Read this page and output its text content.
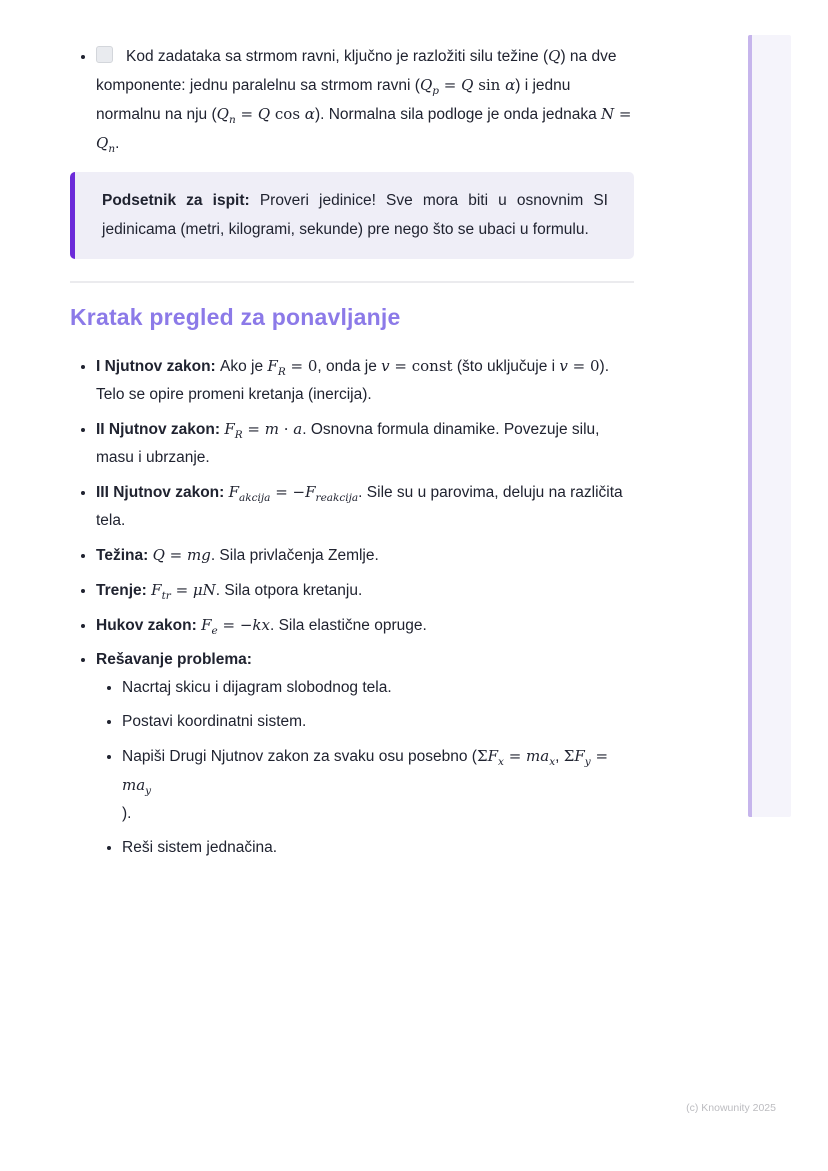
• Kod zadataka sa strmom ravni, ključno je razložiti silu težine (Q) na dve komponente: jednu paralelnu sa strmom ravni ($Q_p = Q$ sin α) i jednu normalnu na nju ($Q_n = Q$ cos α). Normalna sila podloge je onda jednaka $N = Q_n$.

Podsetnik za ispit: Proveri jedinice! Sve mora biti u osnovnim SI jedinicama (metri, kilogrami, sekunde) pre nego što se ubaci u formulu.

Kratak pregled za ponavljanje
• I Njutnov zakon: Ako je $F_R = 0$, onda je v = const (što uključuje i v = 0). Telo se opire promeni kretanja (inercija).
• II Njutnov zakon: $F_R = m \cdot a$. Osnovna formula dinamike. Povezuje silu, masu i ubrzanje.
• III Njutnov zakon: $F_{akcija} = -F_{reakcija}$. Sile su u parovima, deluju na različita tela.
• Težina: Q = mg. Sila privlačenja Zemlje.
• Trenje: $F_{tr} = \mu N$. Sila otpora kretanju.
• Hukov zakon: $F_e = -kx$. Sila elastične opruge.
• Rešavanje problema:
• Nacrtaj skicu i dijagram slobodnog tela.
• Postavi koordinatni sistem.
• Napiši Drugi Njutnov zakon za svaku osu posebno ($\Sigma F_x = ma_x$, $\Sigma F_y = ma_y$
).
• Reši sistem jednačina.
(c) Knowunity 2025
